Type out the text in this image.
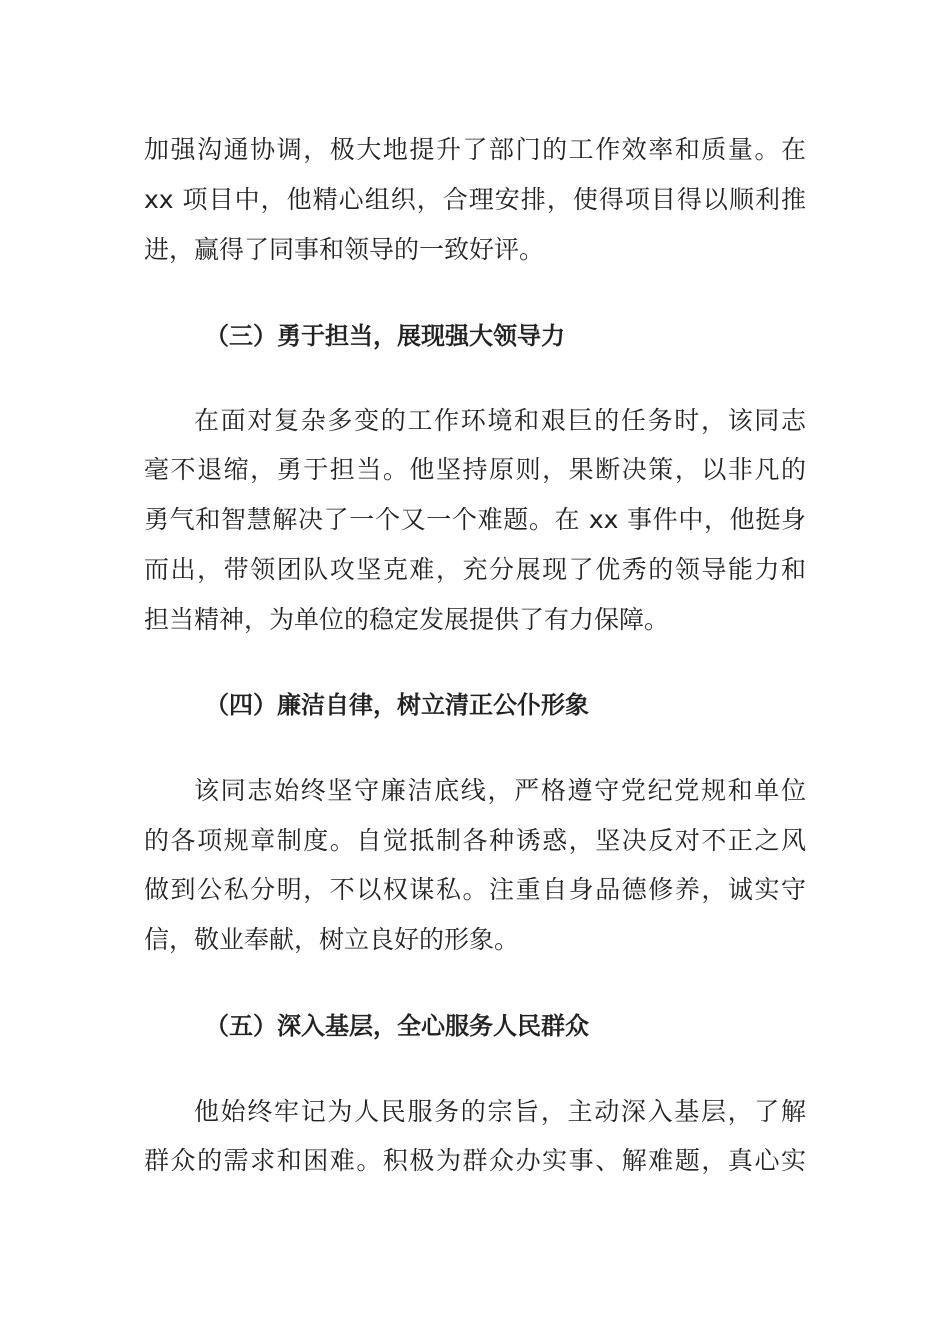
加强沟通协调，极大地提升了部门的工作效率和质量。在
xx 项目中，他精心组织，合理安排，使得项目得以顺利推
进，赢得了同事和领导的一致好评。
（三）勇于担当，展现强大领导力
在面对复杂多变的工作环境和艰巨的任务时，该同志
毫不退缩，勇于担当。他坚持原则，果断决策，以非凡的
勇气和智慧解决了一个又一个难题。在 xx 事件中，他挺身
而出，带领团队攻坚克难，充分展现了优秀的领导能力和
担当精神，为单位的稳定发展提供了有力保障。
（四）廉洁自律，树立清正公仆形象
该同志始终坚守廉洁底线，严格遵守党纪党规和单位
的各项规章制度。自觉抵制各种诱惑，坚决反对不正之风
做到公私分明，不以权谋私。注重自身品德修养，诚实守
信，敬业奉献，树立良好的形象。
（五）深入基层，全心服务人民群众
他始终牢记为人民服务的宗旨，主动深入基层，了解
群众的需求和困难。积极为群众办实事、解难题，真心实
